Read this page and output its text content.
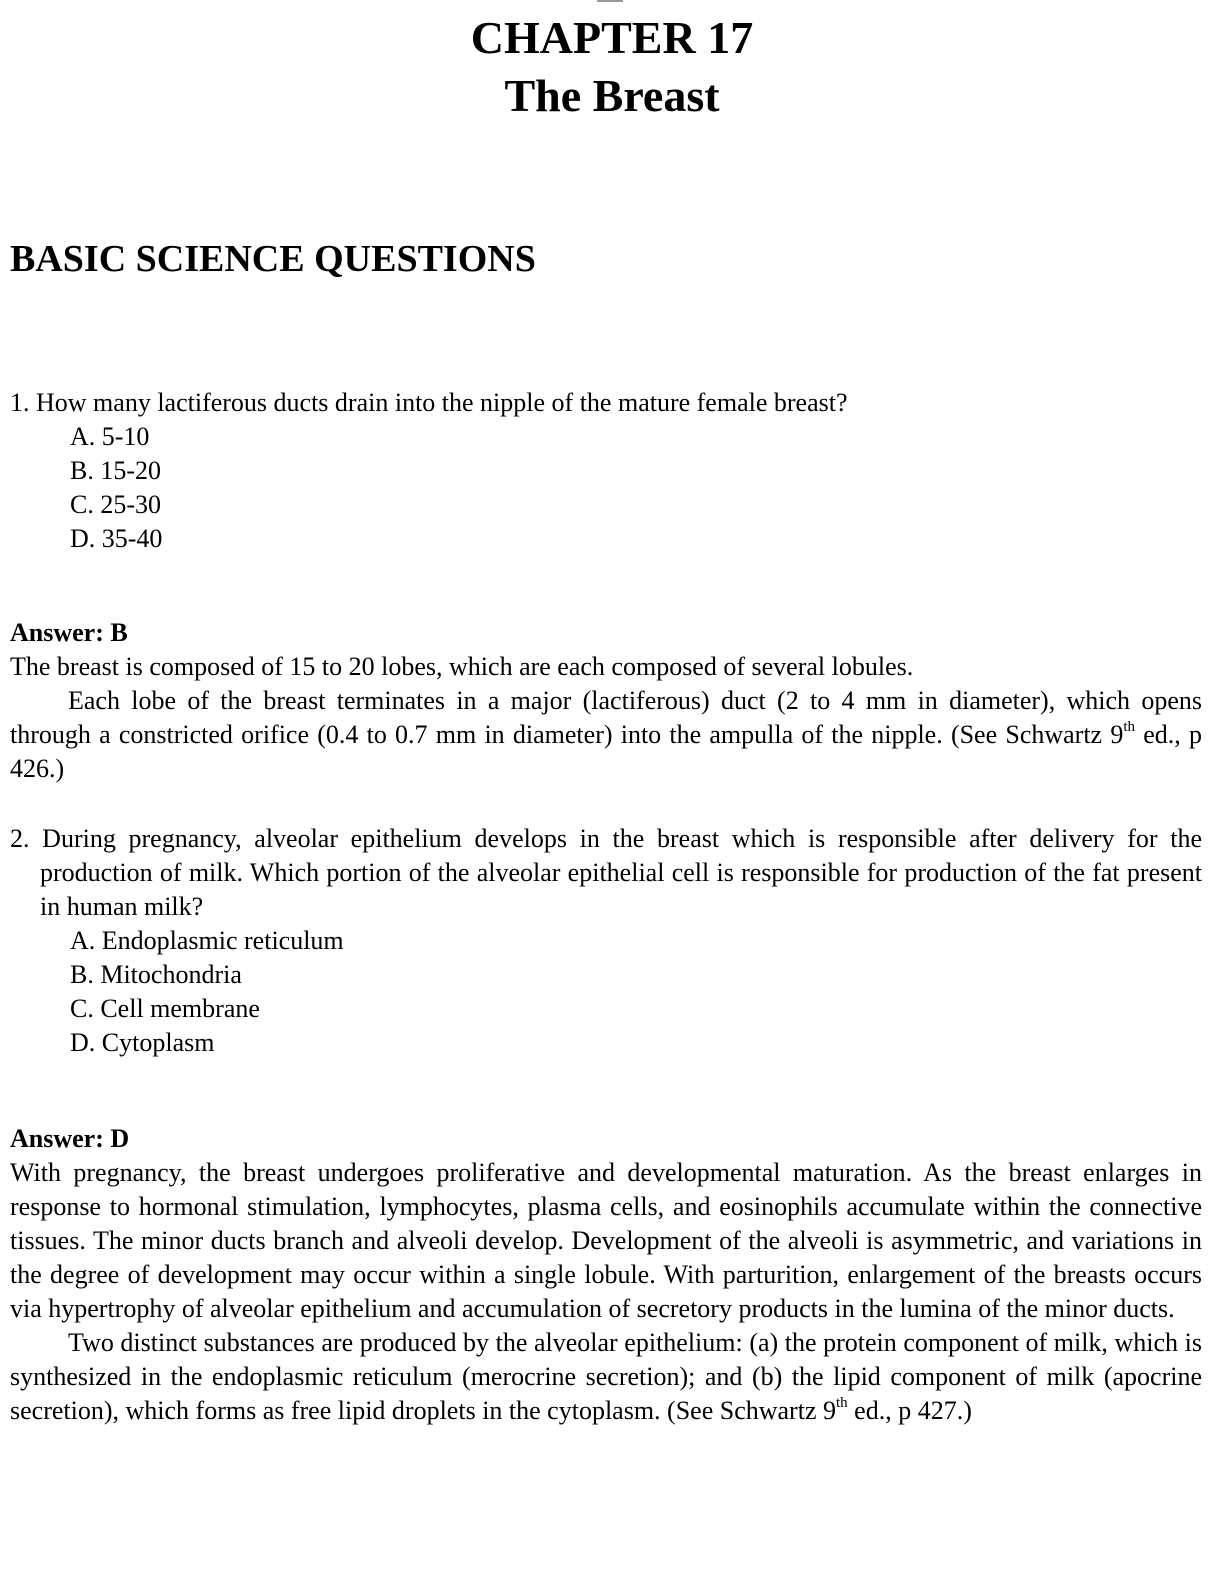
CHAPTER 17
The Breast
BASIC SCIENCE QUESTIONS
1. How many lactiferous ducts drain into the nipple of the mature female breast?
A. 5-10
B. 15-20
C. 25-30
D. 35-40
Answer: B

The breast is composed of 15 to 20 lobes, which are each composed of several lobules.

Each lobe of the breast terminates in a major (lactiferous) duct (2 to 4 mm in diameter), which opens through a constricted orifice (0.4 to 0.7 mm in diameter) into the ampulla of the nipple. (See Schwartz 9th ed., p 426.)

2. During pregnancy, alveolar epithelium develops in the breast which is responsible after delivery for the production of milk. Which portion of the alveolar epithelial cell is responsible for production of the fat present in human milk?

A. Endoplasmic reticulum
B. Mitochondria
C. Cell membrane
D. Cytoplasm
Answer: D

With pregnancy, the breast undergoes proliferative and developmental maturation. As the breast enlarges in response to hormonal stimulation, lymphocytes, plasma cells, and eosinophils accumulate within the connective tissues. The minor ducts branch and alveoli develop. Development of the alveoli is asymmetric, and variations in the degree of development may occur within a single lobule. With parturition, enlargement of the breasts occurs via hypertrophy of alveolar epithelium and accumulation of secretory products in the lumina of the minor ducts.

Two distinct substances are produced by the alveolar epithelium: (a) the protein component of milk, which is synthesized in the endoplasmic reticulum (merocrine secretion); and (b) the lipid component of milk (apocrine secretion), which forms as free lipid droplets in the cytoplasm. (See Schwartz 9th ed., p 427.)
